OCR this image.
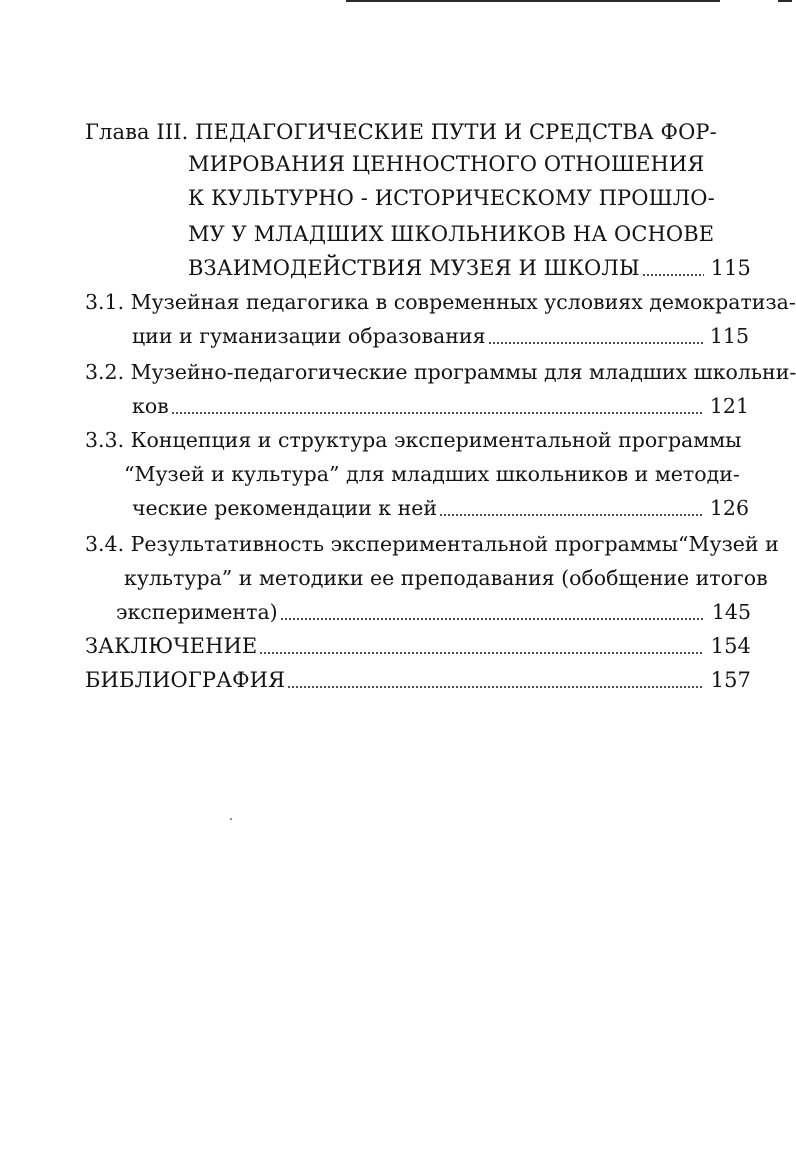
Глава III. ПЕДАГОГИЧЕСКИЕ ПУТИ И СРЕДСТВА ФОР-
МИРОВАНИЯ ЦЕННОСТНОГО ОТНОШЕНИЯ
К КУЛЬТУРНО - ИСТОРИЧЕСКОМУ ПРОШЛО-
МУ У МЛАДШИХ ШКОЛЬНИКОВ НА ОСНОВЕ
ВЗАИМОДЕЙСТВИЯ МУЗЕЯ И ШКОЛЫ	115
3.1. Музейная педагогика в современных условиях демократиза-
ции и гуманизации образования	115
3.2. Музейно-педагогические программы для младших школьни-
ков	121
3.3. Концепция и структура экспериментальной программы
“Музей и культура” для младших школьников и методи-
ческие рекомендации к ней	126
3.4. Результативность экспериментальной программы“Музей и
культура” и методики ее преподавания (обобщение итогов
эксперимента)	145
ЗАКЛЮЧЕНИЕ	154
БИБЛИОГРАФИЯ	157
